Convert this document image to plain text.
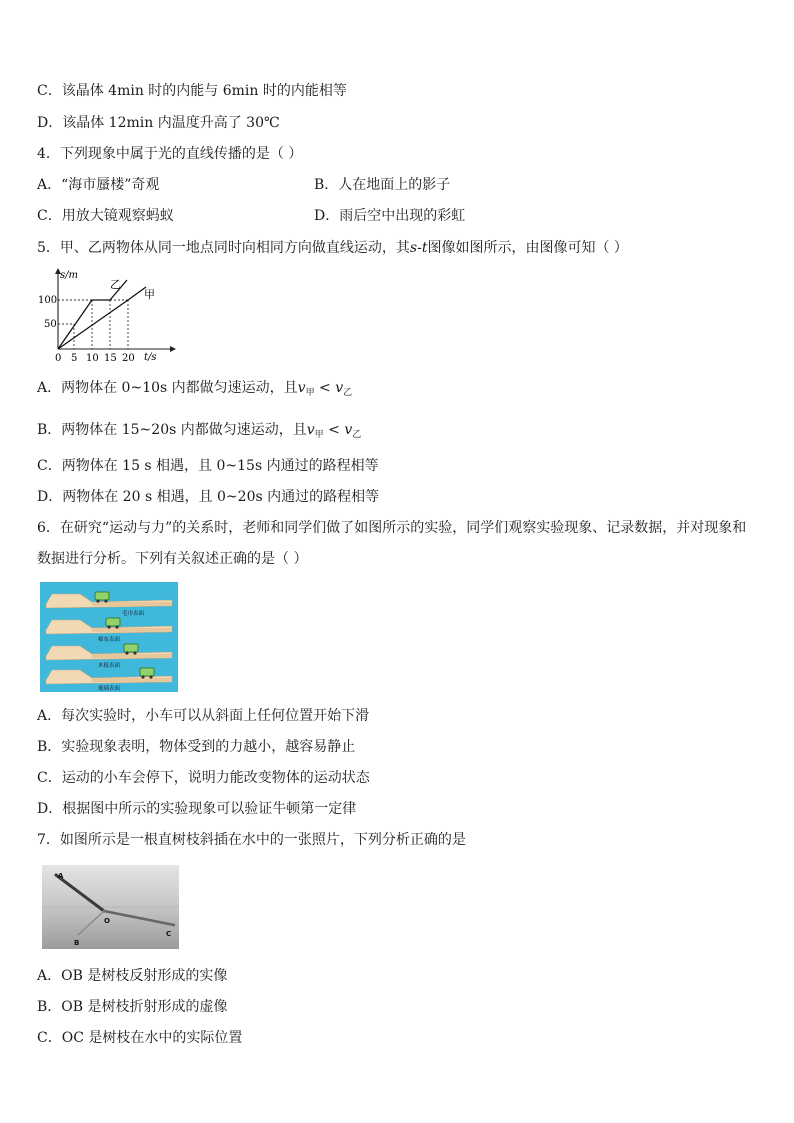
C．该晶体 4min 时的内能与 6min 时的内能相等
D．该晶体 12min 内温度升高了 30℃
4．下列现象中属于光的直线传播的是（ ）
A．“海市蜃楼”奇观	B．人在地面上的影子
C．用放大镜观察蚂蚁	D．雨后空中出现的彩虹
5．甲、乙两物体从同一地点同时向相同方向做直线运动，其s-t图像如图所示，由图像可知（ ）
s/m
t/s
100
50
0 5 10 15 20
乙
甲
A．两物体在 0~10s 内都做匀速运动，且$v_甲 < v_乙$
B．两物体在 15~20s 内都做匀速运动，且$v_甲 < v_乙$
C．两物体在 15 s 相遇，且 0~15s 内通过的路程相等
D．两物体在 20 s 相遇，且 0~20s 内通过的路程相等
6．在研究“运动与力”的关系时，老师和同学们做了如图所示的实验，同学们观察实验现象、记录数据，并对现象和
数据进行分析。下列有关叙述正确的是（ ）
毛巾表面
棉布表面
木板表面
玻璃表面
A．每次实验时，小车可以从斜面上任何位置开始下滑
B．实验现象表明，物体受到的力越小，越容易静止
C．运动的小车会停下，说明力能改变物体的运动状态
D．根据图中所示的实验现象可以验证牛顿第一定律
7．如图所示是一根直树枝斜插在水中的一张照片，下列分析正确的是
A
O
B
C
A．OB 是树枝反射形成的实像
B．OB 是树枝折射形成的虚像
C．OC 是树枝在水中的实际位置
